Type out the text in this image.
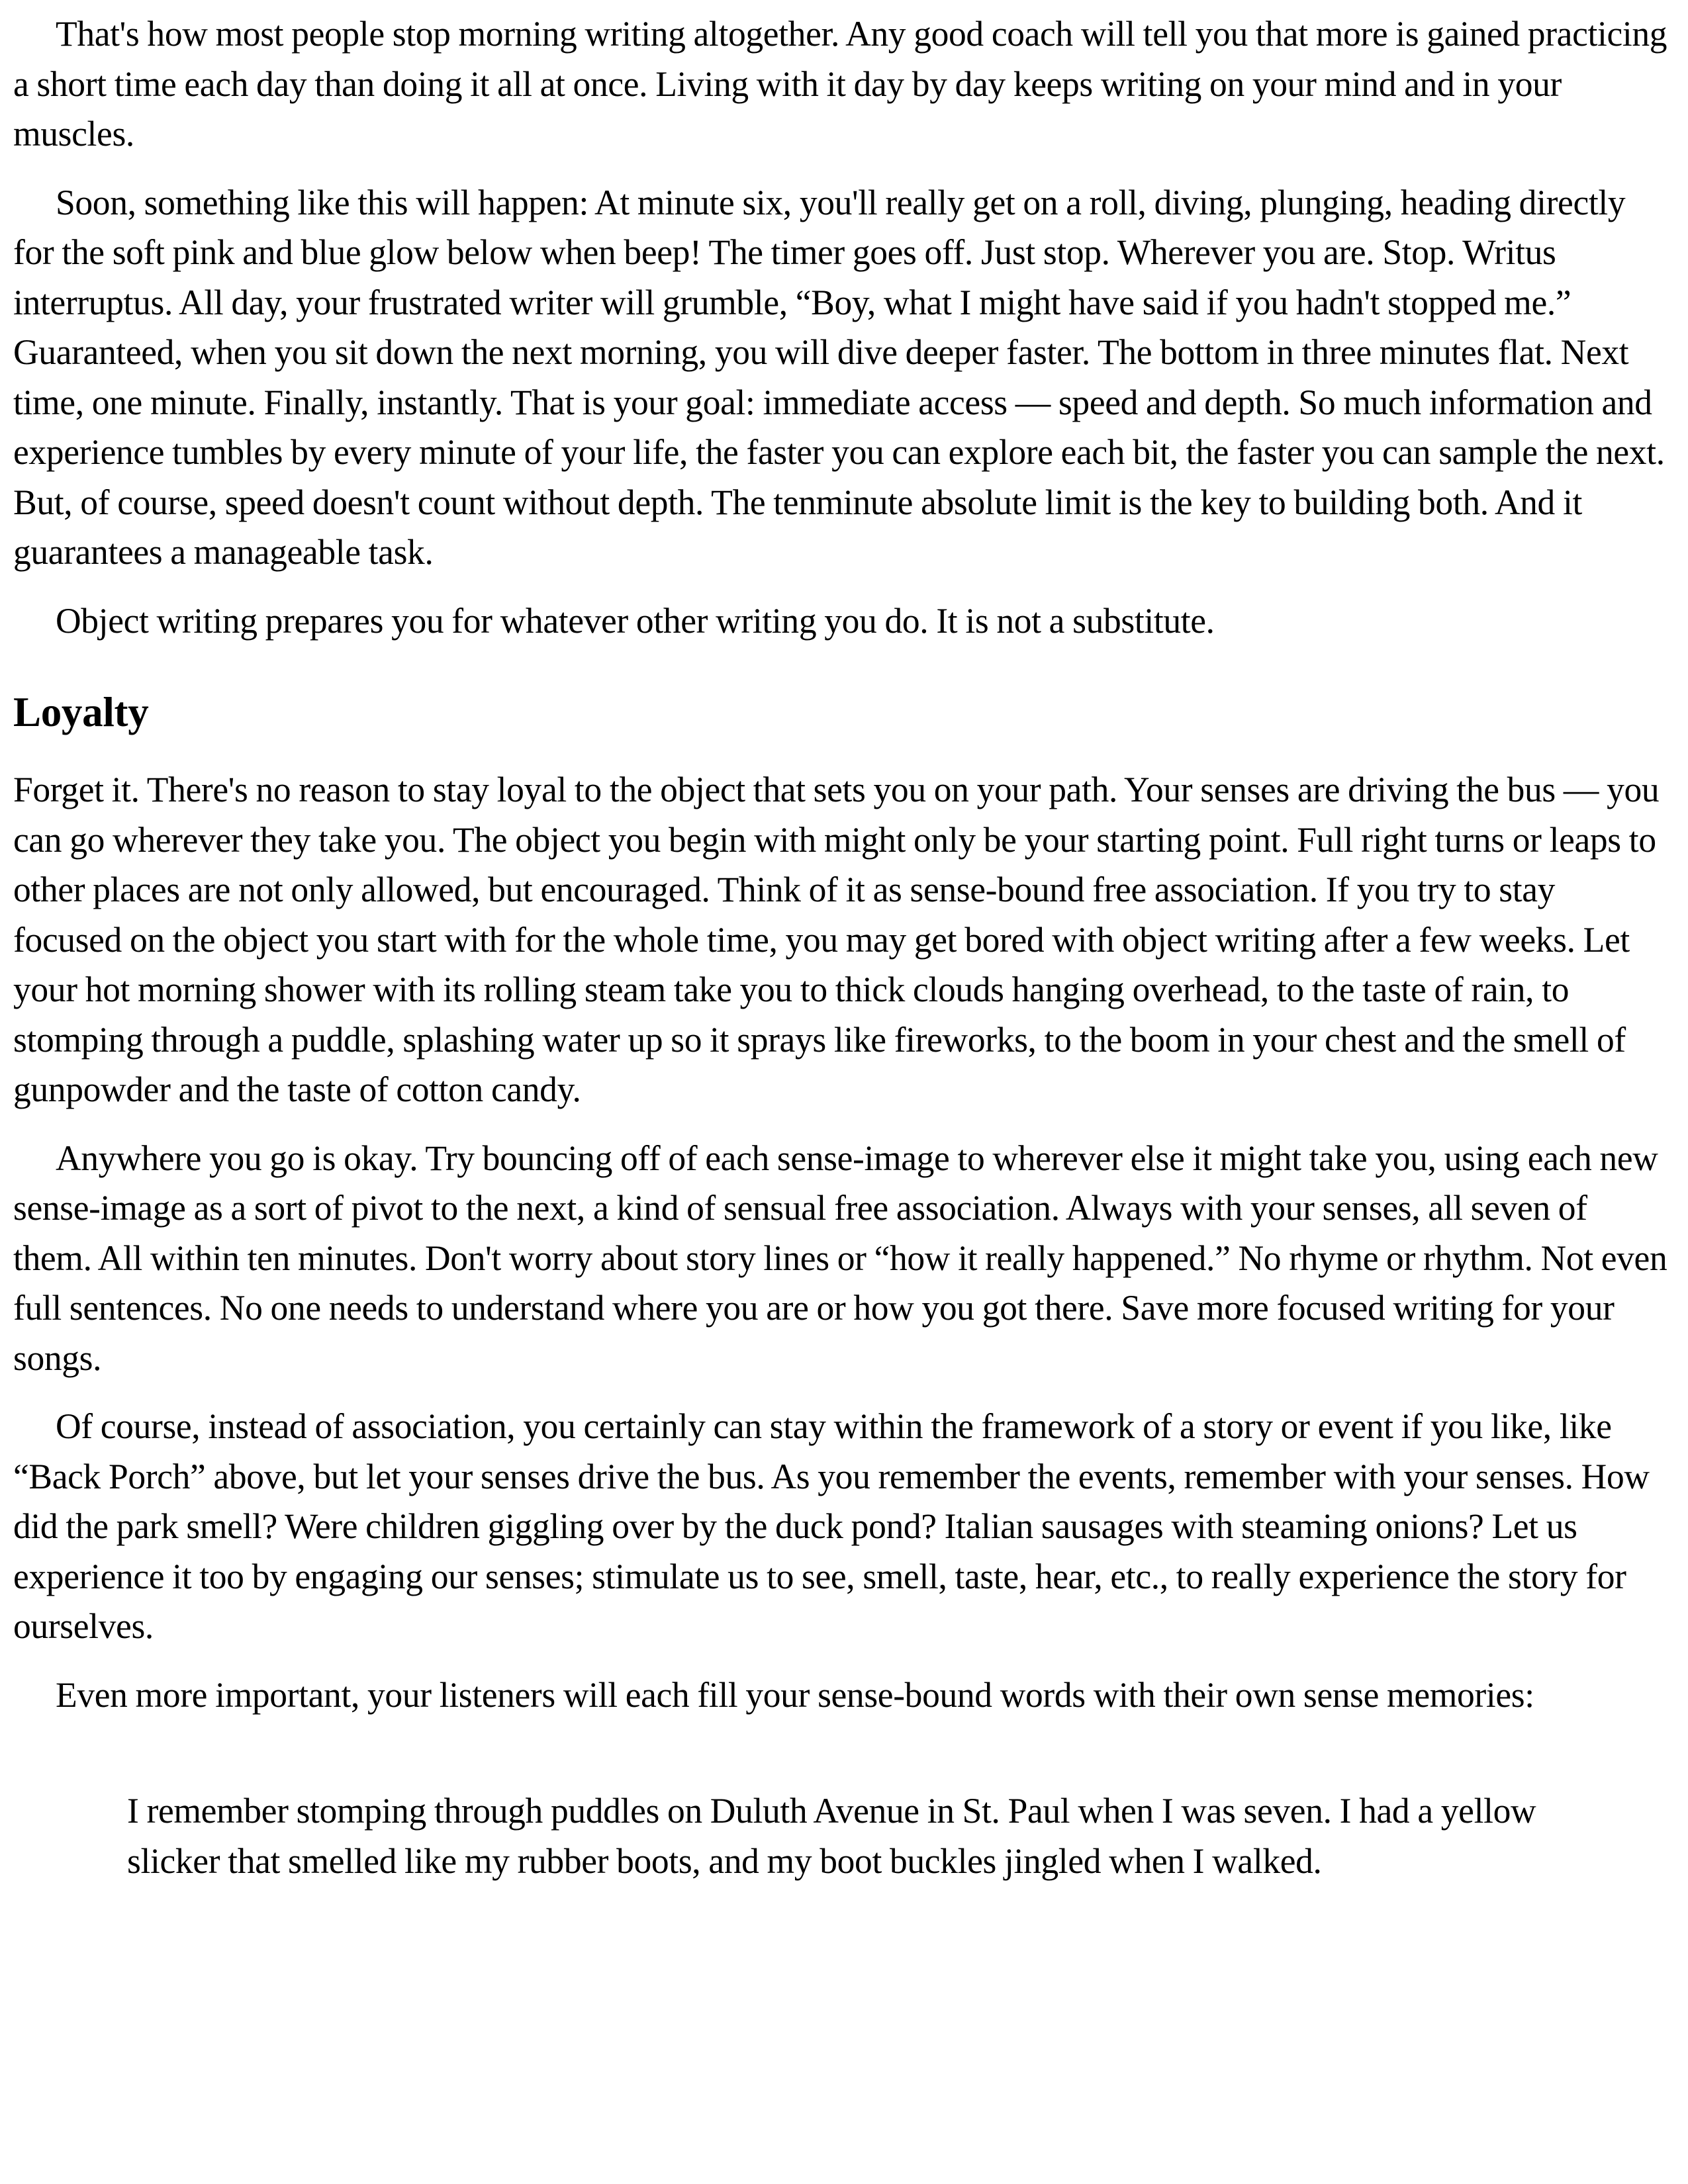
That's how most people stop morning writing altogether. Any good coach will tell you that more is gained practicing a short time each day than doing it all at once. Living with it day by day keeps writing on your mind and in your muscles.

Soon, something like this will happen: At minute six, you'll really get on a roll, diving, plunging, heading directly for the soft pink and blue glow below when beep! The timer goes off. Just stop. Wherever you are. Stop. Writus interruptus. All day, your frustrated writer will grumble, “Boy, what I might have said if you hadn't stopped me.” Guaranteed, when you sit down the next morning, you will dive deeper faster. The bottom in three minutes flat. Next time, one minute. Finally, instantly. That is your goal: immediate access — speed and depth. So much information and experience tumbles by every minute of your life, the faster you can explore each bit, the faster you can sample the next. But, of course, speed doesn't count without depth. The tenminute absolute limit is the key to building both. And it guarantees a manageable task.

Object writing prepares you for whatever other writing you do. It is not a substitute.

Loyalty

Forget it. There's no reason to stay loyal to the object that sets you on your path. Your senses are driving the bus — you can go wherever they take you. The object you begin with might only be your starting point. Full right turns or leaps to other places are not only allowed, but encouraged. Think of it as sense-bound free association. If you try to stay focused on the object you start with for the whole time, you may get bored with object writing after a few weeks. Let your hot morning shower with its rolling steam take you to thick clouds hanging overhead, to the taste of rain, to stomping through a puddle, splashing water up so it sprays like fireworks, to the boom in your chest and the smell of gunpowder and the taste of cotton candy.

Anywhere you go is okay. Try bouncing off of each sense-image to wherever else it might take you, using each new sense-image as a sort of pivot to the next, a kind of sensual free association. Always with your senses, all seven of them. All within ten minutes. Don't worry about story lines or “how it really happened.” No rhyme or rhythm. Not even full sentences. No one needs to understand where you are or how you got there. Save more focused writing for your songs.

Of course, instead of association, you certainly can stay within the framework of a story or event if you like, like “Back Porch” above, but let your senses drive the bus. As you remember the events, remember with your senses. How did the park smell? Were children giggling over by the duck pond? Italian sausages with steaming onions? Let us experience it too by engaging our senses; stimulate us to see, smell, taste, hear, etc., to really experience the story for ourselves.

Even more important, your listeners will each fill your sense-bound words with their own sense memories:

I remember stomping through puddles on Duluth Avenue in St. Paul when I was seven. I had a yellow slicker that smelled like my rubber boots, and my boot buckles jingled when I walked.
